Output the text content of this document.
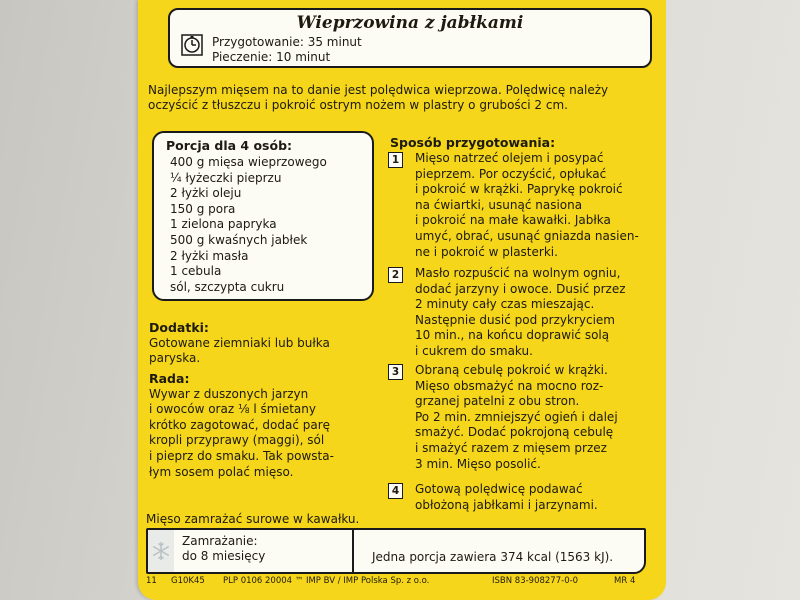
Wieprzowina z jabłkami
Przygotowanie: 35 minut
Pieczenie: 10 minut
Najlepszym mięsem na to danie jest polędwica wieprzowa. Polędwicę należy oczyścić z tłuszczu i pokroić ostrym nożem w plastry o grubości 2 cm.
Porcja dla 4 osób:
400 g mięsa wieprzowego
¼ łyżeczki pieprzu
2 łyżki oleju
150 g pora
1 zielona papryka
500 g kwaśnych jabłek
2 łyżki masła
1 cebula
sól, szczypta cukru
Dodatki:
Gotowane ziemniaki lub bułka
paryska.
Rada:
Wywar z duszonych jarzyn
i owoców oraz ⅛ l śmietany
krótko zagotować, dodać parę
kropli przyprawy (maggi), sól
i pieprz do smaku. Tak powsta-
łym sosem polać mięso.
Sposób przygotowania:
1	Mięso natrzeć olejem i posypać
pieprzem. Por oczyścić, opłukać
i pokroić w krążki. Paprykę pokroić
na ćwiartki, usunąć nasiona
i pokroić na małe kawałki. Jabłka
umyć, obrać, usunąć gniazda nasien-
ne i pokroić w plasterki.
2	Masło rozpuścić na wolnym ogniu,
dodać jarzyny i owoce. Dusić przez
2 minuty cały czas mieszając.
Następnie dusić pod przykryciem
10 min., na końcu doprawić solą
i cukrem do smaku.
3	Obraną cebulę pokroić w krążki.
Mięso obsmażyć na mocno roz-
grzanej patelni z obu stron.
Po 2 min. zmniejszyć ogień i dalej
smażyć. Dodać pokrojoną cebulę
i smażyć razem z mięsem przez
3 min. Mięso posolić.
4	Gotową polędwicę podawać
obłożoną jabłkami i jarzynami.
Mięso zamrażać surowe w kawałku.
Zamrażanie:
do 8 miesięcy	Jedna porcja zawiera 374 kcal (1563 kJ).
11 G10K45 PLP 0106 20004 ™ IMP BV / IMP Polska Sp. z o.o.	ISBN 83-908277-0-0	MR 4
